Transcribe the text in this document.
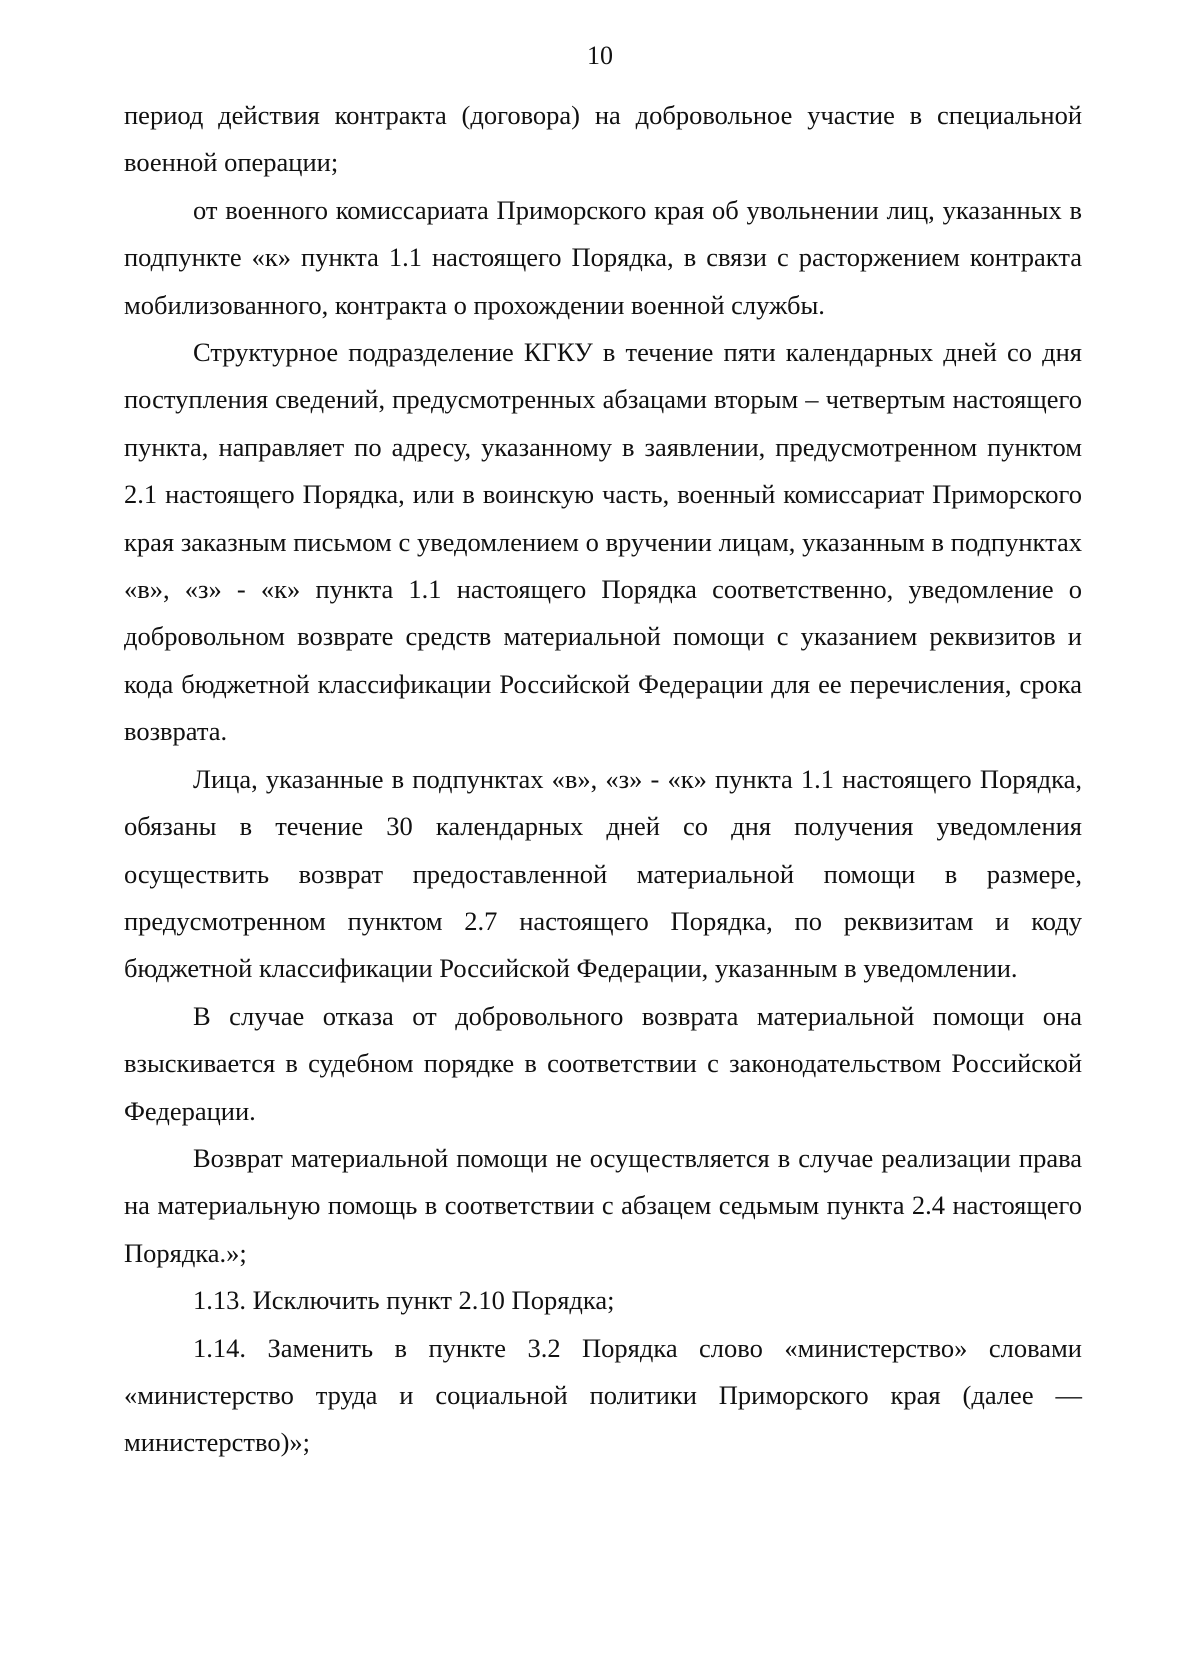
10

период действия контракта (договора) на добровольное участие в специальной военной операции;

от военного комиссариата Приморского края об увольнении лиц, указанных в подпункте «к» пункта 1.1 настоящего Порядка, в связи с расторжением контракта мобилизованного, контракта о прохождении военной службы.

Структурное подразделение КГКУ в течение пяти календарных дней со дня поступления сведений, предусмотренных абзацами вторым – четвертым настоящего пункта, направляет по адресу, указанному в заявлении, предусмотренном пунктом 2.1 настоящего Порядка, или в воинскую часть, военный комиссариат Приморского края заказным письмом с уведомлением о вручении лицам, указанным в подпунктах «в», «з» - «к» пункта 1.1 настоящего Порядка соответственно, уведомление о добровольном возврате средств материальной помощи с указанием реквизитов и кода бюджетной классификации Российской Федерации для ее перечисления, срока возврата.

Лица, указанные в подпунктах «в», «з» - «к» пункта 1.1 настоящего Порядка, обязаны в течение 30 календарных дней со дня получения уведомления осуществить возврат предоставленной материальной помощи в размере, предусмотренном пунктом 2.7 настоящего Порядка, по реквизитам и коду бюджетной классификации Российской Федерации, указанным в уведомлении.

В случае отказа от добровольного возврата материальной помощи она взыскивается в судебном порядке в соответствии с законодательством Российской Федерации.

Возврат материальной помощи не осуществляется в случае реализации права на материальную помощь в соответствии с абзацем седьмым пункта 2.4 настоящего Порядка.»;

1.13. Исключить пункт 2.10 Порядка;

1.14. Заменить в пункте 3.2 Порядка слово «министерство» словами «министерство труда и социальной политики Приморского края (далее — министерство)»;
